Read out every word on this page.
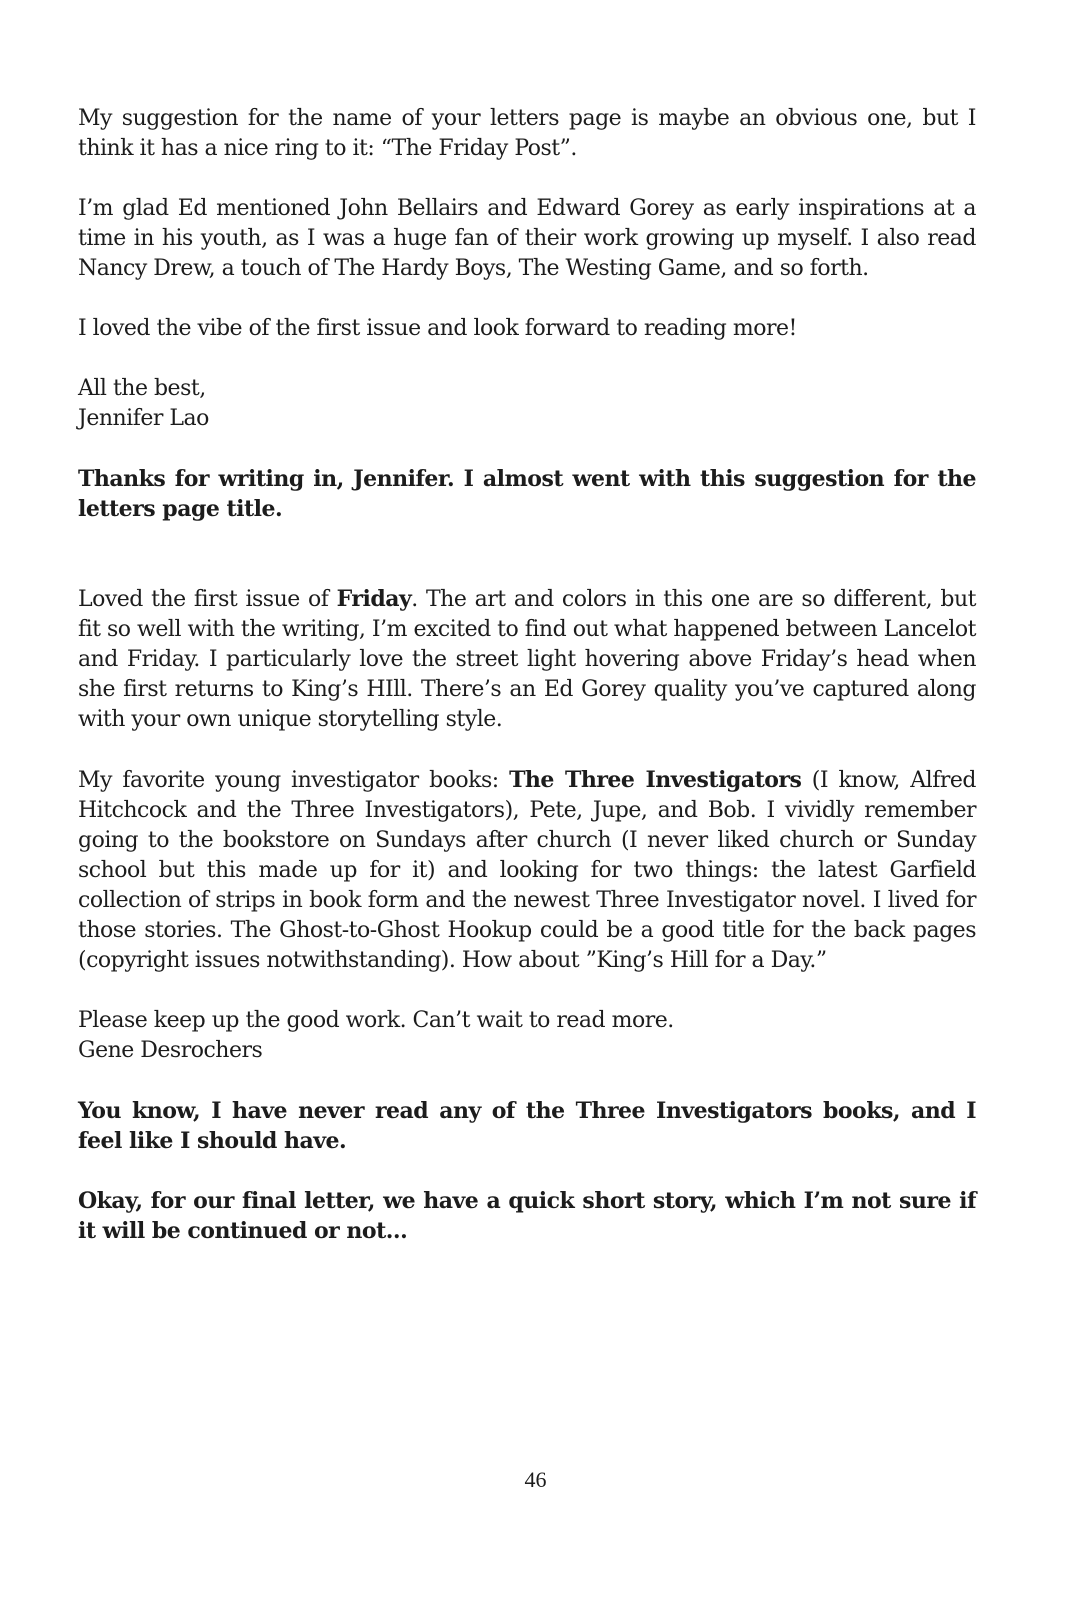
My suggestion for the name of your letters page is maybe an obvious one, but I think it has a nice ring to it: “The Friday Post”.

I’m glad Ed mentioned John Bellairs and Edward Gorey as early inspirations at a time in his youth, as I was a huge fan of their work growing up myself. I also read Nancy Drew, a touch of The Hardy Boys, The Westing Game, and so forth.

I loved the vibe of the first issue and look forward to reading more!

All the best,
Jennifer Lao

Thanks for writing in, Jennifer. I almost went with this suggestion for the letters page title.

Loved the first issue of Friday. The art and colors in this one are so different, but fit so well with the writing, I’m excited to find out what happened between Lancelot and Friday. I particularly love the street light hovering above Friday’s head when she first returns to King’s HIll. There’s an Ed Gorey quality you’ve captured along with your own unique storytelling style.

My favorite young investigator books: The Three Investigators (I know, Alfred Hitchcock and the Three Investigators), Pete, Jupe, and Bob. I vividly remember going to the bookstore on Sundays after church (I never liked church or Sunday school but this made up for it) and looking for two things: the latest Garfield collection of strips in book form and the newest Three Investigator novel. I lived for those stories. The Ghost-to-Ghost Hookup could be a good title for the back pages (copyright issues notwithstanding). How about ”King’s Hill for a Day.”

Please keep up the good work. Can’t wait to read more.
Gene Desrochers

You know, I have never read any of the Three Investigators books, and I feel like I should have.

Okay, for our final letter, we have a quick short story, which I’m not sure if it will be continued or not…

46
